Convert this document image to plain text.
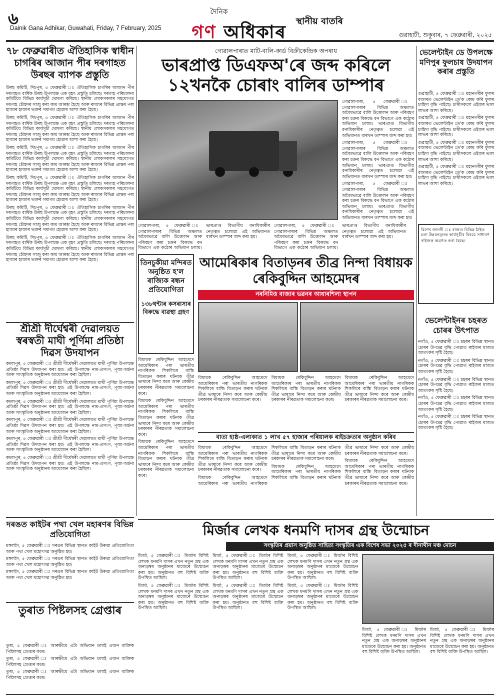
৬
Dainik Gana Adhikar, Guwahati, Friday, 7 February, 2025
দৈনিক
গণ অধিকাৰ	স্থানীয় বাতৰি
গুৱাহাটী, শুকুবাৰ, ৭ ফেব্ৰুৱাৰী, ২০২৫
৭৮ ফেব্ৰুৱাৰীত ঐতিহাসিক স্বাধীন চাগৰিৰ আজান পীৰ দৰগাহত উৰছৰ ব্যাপক প্ৰস্তুতি

উৰছ কমিটি, দিচপুৰ, ৫ ফেব্ৰুৱাৰী ঃ ঐতিহাসিক চাগৰিৰ আজান পীৰ দৰগাহত বাৰ্ষিক উৰছ উপলক্ষে এক বৃহৎ প্ৰস্তুতি চলিছে। দৰগাহ পৰিচালনা কমিটিয়ে বিভিন্ন কাৰ্যসূচী ঘোষণা কৰিছে। স্থানীয় লোকসকলৰ সহযোগত দৰগাহ চৌহদৰ সাজু কৰা কাম আৰম্ভ হৈছে আৰু ৰাজ্যৰ বিভিন্ন প্ৰান্তৰ পৰা হাজাৰ হাজাৰ ভক্তৰ সমাগম হোৱাৰ আশা কৰা হৈছে।

উৰছ কমিটি, দিচপুৰ, ৫ ফেব্ৰুৱাৰী ঃ ঐতিহাসিক চাগৰিৰ আজান পীৰ দৰগাহত বাৰ্ষিক উৰছ উপলক্ষে এক বৃহৎ প্ৰস্তুতি চলিছে। দৰগাহ পৰিচালনা কমিটিয়ে বিভিন্ন কাৰ্যসূচী ঘোষণা কৰিছে। স্থানীয় লোকসকলৰ সহযোগত দৰগাহ চৌহদৰ সাজু কৰা কাম আৰম্ভ হৈছে আৰু ৰাজ্যৰ বিভিন্ন প্ৰান্তৰ পৰা হাজাৰ হাজাৰ ভক্তৰ সমাগম হোৱাৰ আশা কৰা হৈছে।

উৰছ কমিটি, দিচপুৰ, ৫ ফেব্ৰুৱাৰী ঃ ঐতিহাসিক চাগৰিৰ আজান পীৰ দৰগাহত বাৰ্ষিক উৰছ উপলক্ষে এক বৃহৎ প্ৰস্তুতি চলিছে। দৰগাহ পৰিচালনা কমিটিয়ে বিভিন্ন কাৰ্যসূচী ঘোষণা কৰিছে। স্থানীয় লোকসকলৰ সহযোগত দৰগাহ চৌহদৰ সাজু কৰা কাম আৰম্ভ হৈছে আৰু ৰাজ্যৰ বিভিন্ন প্ৰান্তৰ পৰা হাজাৰ হাজাৰ ভক্তৰ সমাগম হোৱাৰ আশা কৰা হৈছে।

উৰছ কমিটি, দিচপুৰ, ৫ ফেব্ৰুৱাৰী ঃ ঐতিহাসিক চাগৰিৰ আজান পীৰ দৰগাহত বাৰ্ষিক উৰছ উপলক্ষে এক বৃহৎ প্ৰস্তুতি চলিছে। দৰগাহ পৰিচালনা কমিটিয়ে বিভিন্ন কাৰ্যসূচী ঘোষণা কৰিছে। স্থানীয় লোকসকলৰ সহযোগত দৰগাহ চৌহদৰ সাজু কৰা কাম আৰম্ভ হৈছে আৰু ৰাজ্যৰ বিভিন্ন প্ৰান্তৰ পৰা হাজাৰ হাজাৰ ভক্তৰ সমাগম হোৱাৰ আশা কৰা হৈছে।

উৰছ কমিটি, দিচপুৰ, ৫ ফেব্ৰুৱাৰী ঃ ঐতিহাসিক চাগৰিৰ আজান পীৰ দৰগাহত বাৰ্ষিক উৰছ উপলক্ষে এক বৃহৎ প্ৰস্তুতি চলিছে। দৰগাহ পৰিচালনা কমিটিয়ে বিভিন্ন কাৰ্যসূচী ঘোষণা কৰিছে। স্থানীয় লোকসকলৰ সহযোগত দৰগাহ চৌহদৰ সাজু কৰা কাম আৰম্ভ হৈছে আৰু ৰাজ্যৰ বিভিন্ন প্ৰান্তৰ পৰা হাজাৰ হাজাৰ ভক্তৰ সমাগম হোৱাৰ আশা কৰা হৈছে।

উৰছ কমিটি, দিচপুৰ, ৫ ফেব্ৰুৱাৰী ঃ ঐতিহাসিক চাগৰিৰ আজান পীৰ দৰগাহত বাৰ্ষিক উৰছ উপলক্ষে এক বৃহৎ প্ৰস্তুতি চলিছে। দৰগাহ পৰিচালনা কমিটিয়ে বিভিন্ন কাৰ্যসূচী ঘোষণা কৰিছে। স্থানীয় লোকসকলৰ সহযোগত দৰগাহ চৌহদৰ সাজু কৰা কাম আৰম্ভ হৈছে আৰু ৰাজ্যৰ বিভিন্ন প্ৰান্তৰ পৰা হাজাৰ হাজাৰ ভক্তৰ সমাগম হোৱাৰ আশা কৰা হৈছে।

শ্ৰীশ্ৰী দীৰ্ঘেশ্বৰী দেৱালয়ত স্বৰস্বতী মাঘী পূৰ্ণিমা প্ৰতিষ্ঠা দিৱস উদযাপন

কমলপুৰ, ৫ ফেব্ৰুৱাৰী ঃ শ্ৰীশ্ৰী দীৰ্ঘেশ্বৰী দেৱালয়ত মাঘী পূৰ্ণিমা উপলক্ষে প্ৰতিষ্ঠা দিৱস উদযাপন কৰা হয়। এই উপলক্ষে নাম-প্ৰসংগ, পূজা-অৰ্চনা আৰু সাংস্কৃতিক অনুষ্ঠানৰ আয়োজন কৰা হৈছিল।

কমলপুৰ, ৫ ফেব্ৰুৱাৰী ঃ শ্ৰীশ্ৰী দীৰ্ঘেশ্বৰী দেৱালয়ত মাঘী পূৰ্ণিমা উপলক্ষে প্ৰতিষ্ঠা দিৱস উদযাপন কৰা হয়। এই উপলক্ষে নাম-প্ৰসংগ, পূজা-অৰ্চনা আৰু সাংস্কৃতিক অনুষ্ঠানৰ আয়োজন কৰা হৈছিল।

কমলপুৰ, ৫ ফেব্ৰুৱাৰী ঃ শ্ৰীশ্ৰী দীৰ্ঘেশ্বৰী দেৱালয়ত মাঘী পূৰ্ণিমা উপলক্ষে প্ৰতিষ্ঠা দিৱস উদযাপন কৰা হয়। এই উপলক্ষে নাম-প্ৰসংগ, পূজা-অৰ্চনা আৰু সাংস্কৃতিক অনুষ্ঠানৰ আয়োজন কৰা হৈছিল।

কমলপুৰ, ৫ ফেব্ৰুৱাৰী ঃ শ্ৰীশ্ৰী দীৰ্ঘেশ্বৰী দেৱালয়ত মাঘী পূৰ্ণিমা উপলক্ষে প্ৰতিষ্ঠা দিৱস উদযাপন কৰা হয়। এই উপলক্ষে নাম-প্ৰসংগ, পূজা-অৰ্চনা আৰু সাংস্কৃতিক অনুষ্ঠানৰ আয়োজন কৰা হৈছিল।

কমলপুৰ, ৫ ফেব্ৰুৱাৰী ঃ শ্ৰীশ্ৰী দীৰ্ঘেশ্বৰী দেৱালয়ত মাঘী পূৰ্ণিমা উপলক্ষে প্ৰতিষ্ঠা দিৱস উদযাপন কৰা হয়। এই উপলক্ষে নাম-প্ৰসংগ, পূজা-অৰ্চনা আৰু সাংস্কৃতিক অনুষ্ঠানৰ আয়োজন কৰা হৈছিল।

কমলপুৰ, ৫ ফেব্ৰুৱাৰী ঃ শ্ৰীশ্ৰী দীৰ্ঘেশ্বৰী দেৱালয়ত মাঘী পূৰ্ণিমা উপলক্ষে প্ৰতিষ্ঠা দিৱস উদযাপন কৰা হয়। এই উপলক্ষে নাম-প্ৰসংগ, পূজা-অৰ্চনা আৰু সাংস্কৃতিক অনুষ্ঠানৰ আয়োজন কৰা হৈছিল।

দৰঙত কাইটৰ পথা খেল মহাৰণৰ বিভিন্ন প্ৰতিযোগিতা

মঙ্গলদৈ, ৫ ফেব্ৰুৱাৰী ঃ দৰঙৰ বিভিন্ন স্থানত কাইট উৰুৱা প্ৰতিযোগিতা আৰু পথা খেল মহোৎসৱ অনুষ্ঠিত হয়।

মঙ্গলদৈ, ৫ ফেব্ৰুৱাৰী ঃ দৰঙৰ বিভিন্ন স্থানত কাইট উৰুৱা প্ৰতিযোগিতা আৰু পথা খেল মহোৎসৱ অনুষ্ঠিত হয়।

মঙ্গলদৈ, ৫ ফেব্ৰুৱাৰী ঃ দৰঙৰ বিভিন্ন স্থানত কাইট উৰুৱা প্ৰতিযোগিতা আৰু পথা খেল মহোৎসৱ অনুষ্ঠিত হয়।

তুৰাত পিষ্টলসহ গ্ৰেপ্তাৰ

তুৰা, ৫ ফেব্ৰুৱাৰী ঃ আৰক্ষীয়ে এটা অভিযান চলাই এজন ব্যক্তিক পিষ্টলসহ গ্ৰেপ্তাৰ কৰে।

তুৰা, ৫ ফেব্ৰুৱাৰী ঃ আৰক্ষীয়ে এটা অভিযান চলাই এজন ব্যক্তিক পিষ্টলসহ গ্ৰেপ্তাৰ কৰে।

তুৰা, ৫ ফেব্ৰুৱাৰী ঃ আৰক্ষীয়ে এটা অভিযান চলাই এজন ব্যক্তিক পিষ্টলসহ গ্ৰেপ্তাৰ কৰে।

গোৱালপাৰাত মাটি-বালি-কাৰ্ড বিক্ৰীকেন্দ্ৰিক অপৰাধ
ভাৰপ্ৰাপ্ত ডিএফঅ'ৰে জব্দ কৰিলে ১২খনকৈ চোৰাং বালিৰ ডাম্পাৰ

গোৱালপাৰা, ৫ ফেব্ৰুৱাৰী ঃ গোৱালপাৰাৰ বিভিন্ন অঞ্চলত অবৈধভাৱে বালি উত্তোলন আৰু পৰিবহণ কৰা চক্ৰৰ বিৰুদ্ধে বন বিভাগে এক কঠোৰ অভিযান চলায়। ভাৰপ্ৰাপ্ত বিভাগীয় বনাধিকাৰীৰ নেতৃত্বত চলোৱা এই অভিযানত বাৰখন ডাম্পাৰ জব্দ কৰা হয়।

গোৱালপাৰা, ৫ ফেব্ৰুৱাৰী ঃ গোৱালপাৰাৰ বিভিন্ন অঞ্চলত অবৈধভাৱে বালি উত্তোলন আৰু পৰিবহণ কৰা চক্ৰৰ বিৰুদ্ধে বন বিভাগে এক কঠোৰ অভিযান চলায়। ভাৰপ্ৰাপ্ত বিভাগীয় বনাধিকাৰীৰ নেতৃত্বত চলোৱা এই অভিযানত বাৰখন ডাম্পাৰ জব্দ কৰা হয়।

গোৱালপাৰা, ৫ ফেব্ৰুৱাৰী ঃ গোৱালপাৰাৰ বিভিন্ন অঞ্চলত অবৈধভাৱে বালি উত্তোলন আৰু পৰিবহণ কৰা চক্ৰৰ বিৰুদ্ধে বন বিভাগে এক কঠোৰ অভিযান চলায়। ভাৰপ্ৰাপ্ত বিভাগীয় বনাধিকাৰীৰ নেতৃত্বত চলোৱা এই অভিযানত বাৰখন ডাম্পাৰ জব্দ কৰা হয়।

গোৱালপাৰা, ৫ ফেব্ৰুৱাৰী ঃ গোৱালপাৰাৰ বিভিন্ন অঞ্চলত অবৈধভাৱে বালি উত্তোলন আৰু পৰিবহণ কৰা চক্ৰৰ বিৰুদ্ধে বন বিভাগে এক কঠোৰ অভিযান চলায়। ভাৰপ্ৰাপ্ত বিভাগীয় বনাধিকাৰীৰ নেতৃত্বত চলোৱা এই অভিযানত বাৰখন ডাম্পাৰ জব্দ কৰা হয়।

গোৱালপাৰা, ৫ ফেব্ৰুৱাৰী ঃ গোৱালপাৰাৰ বিভিন্ন অঞ্চলত অবৈধভাৱে বালি উত্তোলন আৰু পৰিবহণ কৰা চক্ৰৰ বিৰুদ্ধে বন বিভাগে এক কঠোৰ অভিযান চলায়। ভাৰপ্ৰাপ্ত বিভাগীয় বনাধিকাৰীৰ নেতৃত্বত চলোৱা এই অভিযানত বাৰখন ডাম্পাৰ জব্দ কৰা হয়।

তিনচুকীয়া মন্দিৰত অনুষ্ঠিত হ'ল ৰাজ্যিক ৰন্ধন প্ৰতিযোগিতা
১৩৮ঘন্টাৰ কসৰাসাৰ বিৰুদ্ধে ব্যৱস্থা গ্ৰহণ

বিধায়ক ৰেকিবুদ্দিন আহমেদে আমেৰিকাৰ পৰা ভাৰতীয় নাগৰিকক শিকলিৰে বান্ধি বিতাড়ন কৰাৰ ঘটনাক তীব্ৰ ভাষাৰে নিন্দা কৰে আৰু কেন্দ্ৰীয় চৰকাৰৰ নীৰৱতাক সমালোচনা কৰে।

বিধায়ক ৰেকিবুদ্দিন আহমেদে আমেৰিকাৰ পৰা ভাৰতীয় নাগৰিকক শিকলিৰে বান্ধি বিতাড়ন কৰাৰ ঘটনাক তীব্ৰ ভাষাৰে নিন্দা কৰে আৰু কেন্দ্ৰীয় চৰকাৰৰ নীৰৱতাক সমালোচনা কৰে।

বিধায়ক ৰেকিবুদ্দিন আহমেদে আমেৰিকাৰ পৰা ভাৰতীয় নাগৰিকক শিকলিৰে বান্ধি বিতাড়ন কৰাৰ ঘটনাক তীব্ৰ ভাষাৰে নিন্দা কৰে আৰু কেন্দ্ৰীয় চৰকাৰৰ নীৰৱতাক সমালোচনা কৰে।

আমেৰিকাৰ বিতাড়নৰ তীব্ৰ নিন্দা বিধায়ক ৰেকিবুদ্দিন আহমেদৰ
নৰনিমিত্ত বাজাৰ ভৱনৰ আধাৰশিলা স্থাপন

বিধায়ক ৰেকিবুদ্দিন আহমেদে আমেৰিকাৰ পৰা ভাৰতীয় নাগৰিকক শিকলিৰে বান্ধি বিতাড়ন কৰাৰ ঘটনাক তীব্ৰ ভাষাৰে নিন্দা কৰে আৰু কেন্দ্ৰীয় চৰকাৰৰ নীৰৱতাক সমালোচনা কৰে।

বিধায়ক ৰেকিবুদ্দিন আহমেদে আমেৰিকাৰ পৰা ভাৰতীয় নাগৰিকক শিকলিৰে বান্ধি বিতাড়ন কৰাৰ ঘটনাক তীব্ৰ ভাষাৰে নিন্দা কৰে আৰু কেন্দ্ৰীয় চৰকাৰৰ নীৰৱতাক সমালোচনা কৰে।

বিধায়ক ৰেকিবুদ্দিন আহমেদে আমেৰিকাৰ পৰা ভাৰতীয় নাগৰিকক শিকলিৰে বান্ধি বিতাড়ন কৰাৰ ঘটনাক তীব্ৰ ভাষাৰে নিন্দা কৰে আৰু কেন্দ্ৰীয় চৰকাৰৰ নীৰৱতাক সমালোচনা কৰে।

বাতা হাষ্ঠ-এলাকাত ১ লাখ ৫৭ হাজাৰ পৰিয়ালক ৰাইচক্ৰতাৰ অনুষ্ঠান কৰিব

বিধায়ক ৰেকিবুদ্দিন আহমেদে আমেৰিকাৰ পৰা ভাৰতীয় নাগৰিকক শিকলিৰে বান্ধি বিতাড়ন কৰাৰ ঘটনাক তীব্ৰ ভাষাৰে নিন্দা কৰে আৰু কেন্দ্ৰীয় চৰকাৰৰ নীৰৱতাক সমালোচনা কৰে।

বিধায়ক ৰেকিবুদ্দিন আহমেদে আমেৰিকাৰ পৰা ভাৰতীয় নাগৰিকক শিকলিৰে বান্ধি বিতাড়ন কৰাৰ ঘটনাক তীব্ৰ ভাষাৰে নিন্দা কৰে আৰু কেন্দ্ৰীয় চৰকাৰৰ নীৰৱতাক সমালোচনা কৰে।

বিধায়ক ৰেকিবুদ্দিন আহমেদে আমেৰিকাৰ পৰা ভাৰতীয় নাগৰিকক শিকলিৰে বান্ধি বিতাড়ন কৰাৰ ঘটনাক তীব্ৰ ভাষাৰে নিন্দা কৰে আৰু কেন্দ্ৰীয় চৰকাৰৰ নীৰৱতাক সমালোচনা কৰে।

বিধায়ক ৰেকিবুদ্দিন আহমেদে আমেৰিকাৰ পৰা ভাৰতীয় নাগৰিকক শিকলিৰে বান্ধি বিতাড়ন কৰাৰ ঘটনাক তীব্ৰ ভাষাৰে নিন্দা কৰে আৰু কেন্দ্ৰীয় চৰকাৰৰ নীৰৱতাক সমালোচনা কৰে।

ভেলেন্টাইন ডে উপলক্ষে মণিপুৰ ফুলচাষ উদযাপন কৰাৰ প্ৰস্তুতি

গুৱাহাটী, ৫ ফেব্ৰুৱাৰী ঃ মহানগৰীৰ ফুলৰ বজাৰত ভেলেন্টাইন ডে'ক কেন্দ্ৰ কৰি ফুলৰ চাহিদা বৃদ্ধি পাইছে। চাষীসকলে এইবাৰ ভাল লাভৰ আশা কৰিছে।

গুৱাহাটী, ৫ ফেব্ৰুৱাৰী ঃ মহানগৰীৰ ফুলৰ বজাৰত ভেলেন্টাইন ডে'ক কেন্দ্ৰ কৰি ফুলৰ চাহিদা বৃদ্ধি পাইছে। চাষীসকলে এইবাৰ ভাল লাভৰ আশা কৰিছে।

গুৱাহাটী, ৫ ফেব্ৰুৱাৰী ঃ মহানগৰীৰ ফুলৰ বজাৰত ভেলেন্টাইন ডে'ক কেন্দ্ৰ কৰি ফুলৰ চাহিদা বৃদ্ধি পাইছে। চাষীসকলে এইবাৰ ভাল লাভৰ আশা কৰিছে।

গুৱাহাটী, ৫ ফেব্ৰুৱাৰী ঃ মহানগৰীৰ ফুলৰ বজাৰত ভেলেন্টাইন ডে'ক কেন্দ্ৰ কৰি ফুলৰ চাহিদা বৃদ্ধি পাইছে। চাষীসকলে এইবাৰ ভাল লাভৰ আশা কৰিছে।

বিশেষ জাননী ঃ ৰাজ্যৰ বিভিন্ন ঠাইত চলা উন্নয়নমূলক কাৰ্যসূচীৰ বিষয়ে সাধাৰণ ৰাইজক অৱগত কৰা হৈছে।
ভেলেন্টাইনৰ চহৰত চোৰৰ উৎপাত

নগাঁও, ৫ ফেব্ৰুৱাৰী ঃ চহৰৰ বিভিন্ন স্থানত চোৰৰ উপদ্ৰৱ বৃদ্ধি পোৱাত ৰাইজৰ মাজত আতংকৰ সৃষ্টি হৈছে।

নগাঁও, ৫ ফেব্ৰুৱাৰী ঃ চহৰৰ বিভিন্ন স্থানত চোৰৰ উপদ্ৰৱ বৃদ্ধি পোৱাত ৰাইজৰ মাজত আতংকৰ সৃষ্টি হৈছে।

নগাঁও, ৫ ফেব্ৰুৱাৰী ঃ চহৰৰ বিভিন্ন স্থানত চোৰৰ উপদ্ৰৱ বৃদ্ধি পোৱাত ৰাইজৰ মাজত আতংকৰ সৃষ্টি হৈছে।

নগাঁও, ৫ ফেব্ৰুৱাৰী ঃ চহৰৰ বিভিন্ন স্থানত চোৰৰ উপদ্ৰৱ বৃদ্ধি পোৱাত ৰাইজৰ মাজত আতংকৰ সৃষ্টি হৈছে।

নগাঁও, ৫ ফেব্ৰুৱাৰী ঃ চহৰৰ বিভিন্ন স্থানত চোৰৰ উপদ্ৰৱ বৃদ্ধি পোৱাত ৰাইজৰ মাজত আতংকৰ সৃষ্টি হৈছে।

মিৰ্জাৰ লেখক ধনমণি দাসৰ গ্ৰন্থ উন্মোচন
সংস্কৃতিৰ প্ৰয়াস অনুষ্ঠিত সাহিত্য সংস্কৃতিৰ এক বিশেষ সভা ২০২৫ ৰ দীনাথীন মঞ্চ মোচন

মিৰ্জা, ৫ ফেব্ৰুৱাৰী ঃ মিৰ্জাৰ বিশিষ্ট লেখক ধনমণি দাসৰ এখন নতুন গ্ৰন্থ এক অনাড়ম্বৰ অনুষ্ঠানৰ মাজেৰে উন্মোচন কৰা হয়। অনুষ্ঠানত বহু বিশিষ্ট ব্যক্তি উপস্থিত আছিল।

মিৰ্জা, ৫ ফেব্ৰুৱাৰী ঃ মিৰ্জাৰ বিশিষ্ট লেখক ধনমণি দাসৰ এখন নতুন গ্ৰন্থ এক অনাড়ম্বৰ অনুষ্ঠানৰ মাজেৰে উন্মোচন কৰা হয়। অনুষ্ঠানত বহু বিশিষ্ট ব্যক্তি উপস্থিত আছিল।

মিৰ্জা, ৫ ফেব্ৰুৱাৰী ঃ মিৰ্জাৰ বিশিষ্ট লেখক ধনমণি দাসৰ এখন নতুন গ্ৰন্থ এক অনাড়ম্বৰ অনুষ্ঠানৰ মাজেৰে উন্মোচন কৰা হয়। অনুষ্ঠানত বহু বিশিষ্ট ব্যক্তি উপস্থিত আছিল।

মিৰ্জা, ৫ ফেব্ৰুৱাৰী ঃ মিৰ্জাৰ বিশিষ্ট লেখক ধনমণি দাসৰ এখন নতুন গ্ৰন্থ এক অনাড়ম্বৰ অনুষ্ঠানৰ মাজেৰে উন্মোচন কৰা হয়। অনুষ্ঠানত বহু বিশিষ্ট ব্যক্তি উপস্থিত আছিল।

মিৰ্জা, ৫ ফেব্ৰুৱাৰী ঃ মিৰ্জাৰ বিশিষ্ট লেখক ধনমণি দাসৰ এখন নতুন গ্ৰন্থ এক অনাড়ম্বৰ অনুষ্ঠানৰ মাজেৰে উন্মোচন কৰা হয়। অনুষ্ঠানত বহু বিশিষ্ট ব্যক্তি উপস্থিত আছিল।

মিৰ্জা, ৫ ফেব্ৰুৱাৰী ঃ মিৰ্জাৰ বিশিষ্ট লেখক ধনমণি দাসৰ এখন নতুন গ্ৰন্থ এক অনাড়ম্বৰ অনুষ্ঠানৰ মাজেৰে উন্মোচন কৰা হয়। অনুষ্ঠানত বহু বিশিষ্ট ব্যক্তি উপস্থিত আছিল।

মিৰ্জা, ৫ ফেব্ৰুৱাৰী ঃ মিৰ্জাৰ বিশিষ্ট লেখক ধনমণি দাসৰ এখন নতুন গ্ৰন্থ এক অনাড়ম্বৰ অনুষ্ঠানৰ মাজেৰে উন্মোচন কৰা হয়। অনুষ্ঠানত বহু বিশিষ্ট ব্যক্তি উপস্থিত আছিল।

মিৰ্জা, ৫ ফেব্ৰুৱাৰী ঃ মিৰ্জাৰ বিশিষ্ট লেখক ধনমণি দাসৰ এখন নতুন গ্ৰন্থ এক অনাড়ম্বৰ অনুষ্ঠানৰ মাজেৰে উন্মোচন কৰা হয়। অনুষ্ঠানত বহু বিশিষ্ট ব্যক্তি উপস্থিত আছিল।
